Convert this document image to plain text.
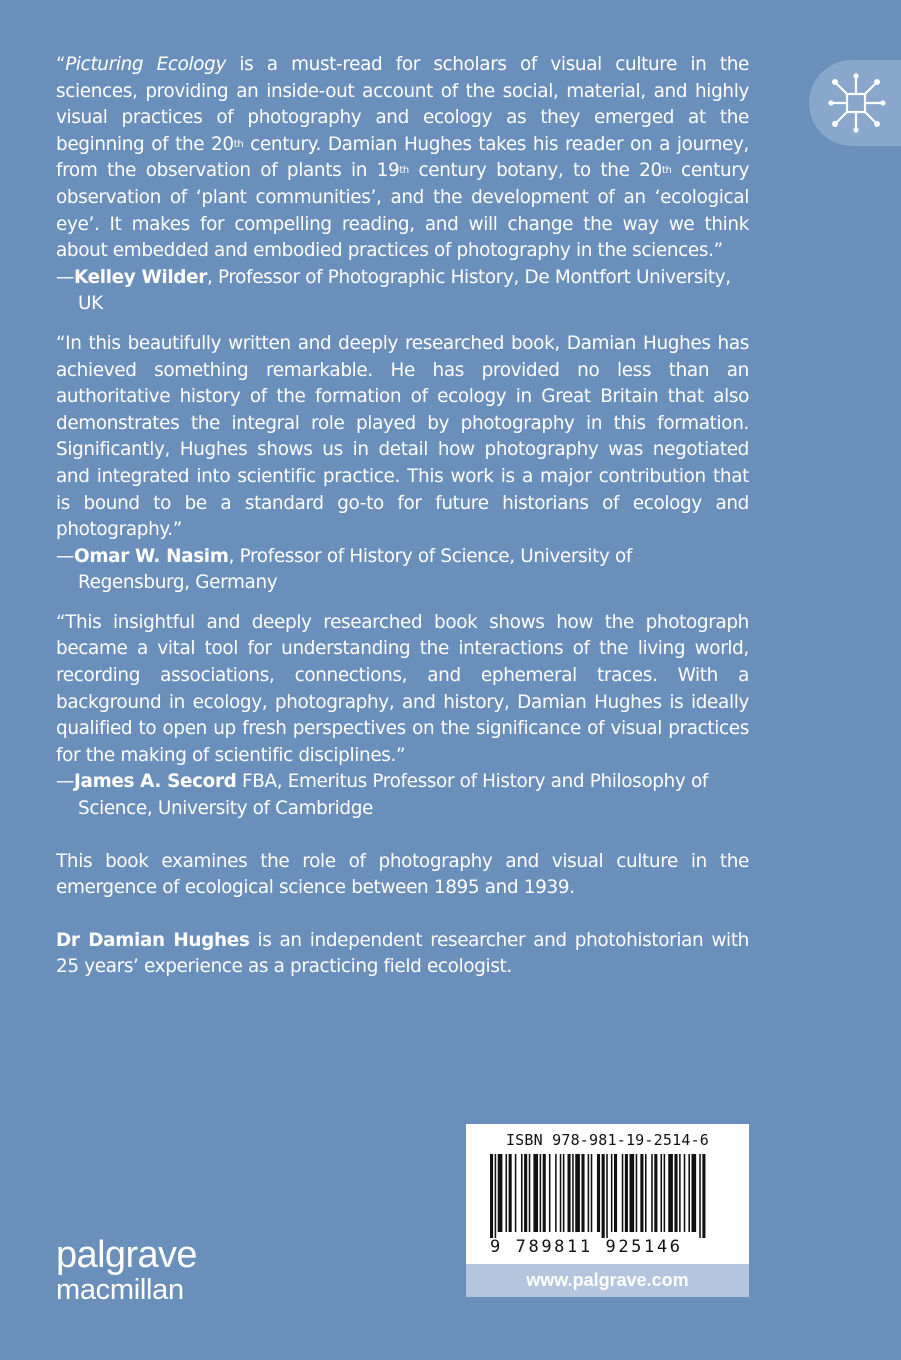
“Picturing Ecology is a must-read for scholars of visual culture in the sciences, providing an inside-out account of the social, material, and highly visual practices of photography and ecology as they emerged at the beginning of the 20th century. Damian Hughes takes his reader on a journey, from the observation of plants in 19th century botany, to the 20th century observation of ‘plant communities’, and the development of an ‘ecological eye’. It makes for compelling reading, and will change the way we think about embedded and embodied practices of photography in the sciences.”

—Kelley Wilder, Professor of Photographic History, De Montfort University, UK

“In this beautifully written and deeply researched book, Damian Hughes has achieved something remarkable. He has provided no less than an authoritative history of the formation of ecology in Great Britain that also demonstrates the integral role played by photography in this formation. Significantly, Hughes shows us in detail how photography was negotiated and integrated into scientific practice. This work is a major contribution that is bound to be a standard go-to for future historians of ecology and photography.”

—Omar W. Nasim, Professor of History of Science, University of Regensburg, Germany

“This insightful and deeply researched book shows how the photograph became a vital tool for understanding the interactions of the living world, recording associations, connections, and ephemeral traces. With a background in ecology, photography, and history, Damian Hughes is ideally qualified to open up fresh perspectives on the significance of visual practices for the making of scientific disciplines.”

—James A. Secord FBA, Emeritus Professor of History and Philosophy of Science, University of Cambridge

This book examines the role of photography and visual culture in the emergence of ecological science between 1895 and 1939.

Dr Damian Hughes is an independent researcher and photohistorian with 25 years’ experience as a practicing field ecologist.

palgrave
macmillan
ISBN 978-981-19-2514-6
9 789811 925146
www.palgrave.com
